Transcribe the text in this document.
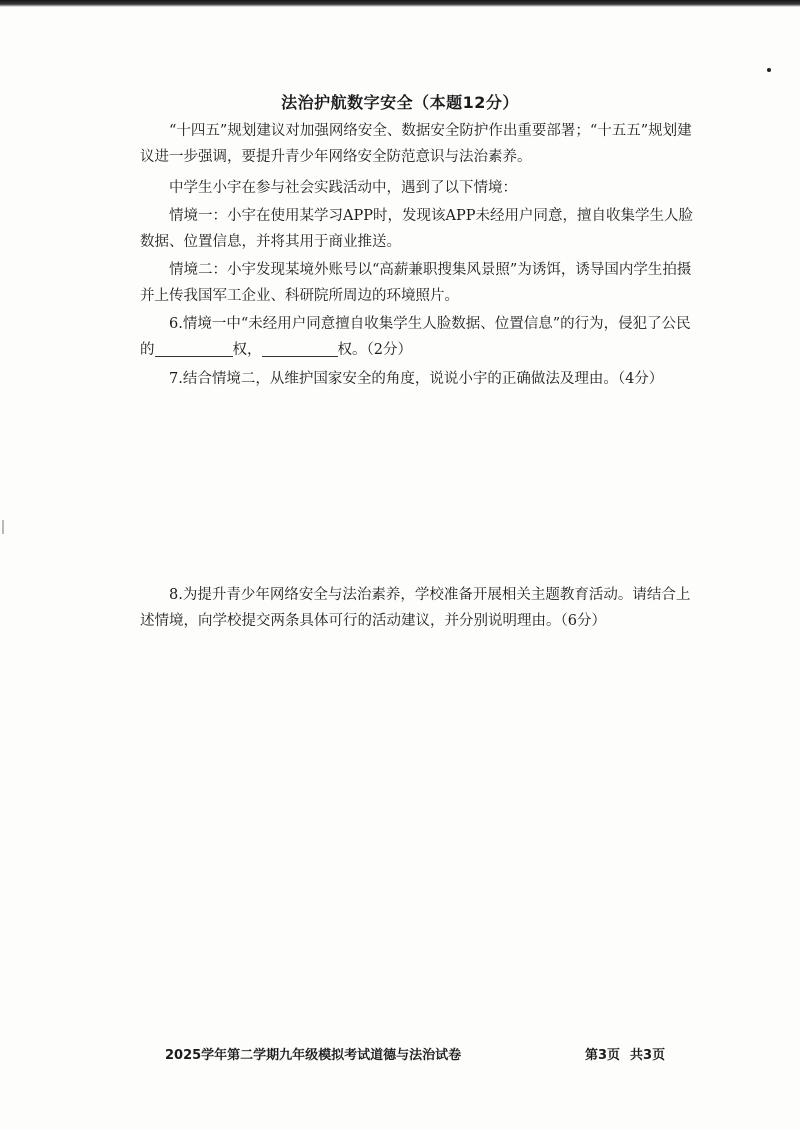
法治护航数字安全（本题12分）
“十四五”规划建议对加强网络安全、数据安全防护作出重要部署；“十五五”规划建议进一步强调，要提升青少年网络安全防范意识与法治素养。
中学生小宇在参与社会实践活动中，遇到了以下情境：
情境一：小宇在使用某学习APP时，发现该APP未经用户同意，擅自收集学生人脸数据、位置信息，并将其用于商业推送。
情境二：小宇发现某境外账号以“高薪兼职搜集风景照”为诱饵，诱导国内学生拍摄并上传我国军工企业、科研院所周边的环境照片。
6.情境一中“未经用户同意擅自收集学生人脸数据、位置信息”的行为，侵犯了公民的	权，	权。（2分）
7.结合情境二，从维护国家安全的角度，说说小宇的正确做法及理由。（4分）
8.为提升青少年网络安全与法治素养，学校准备开展相关主题教育活动。请结合上述情境，向学校提交两条具体可行的活动建议，并分别说明理由。（6分）
2025学年第二学期九年级模拟考试道德与法治试卷	第3页 共3页
